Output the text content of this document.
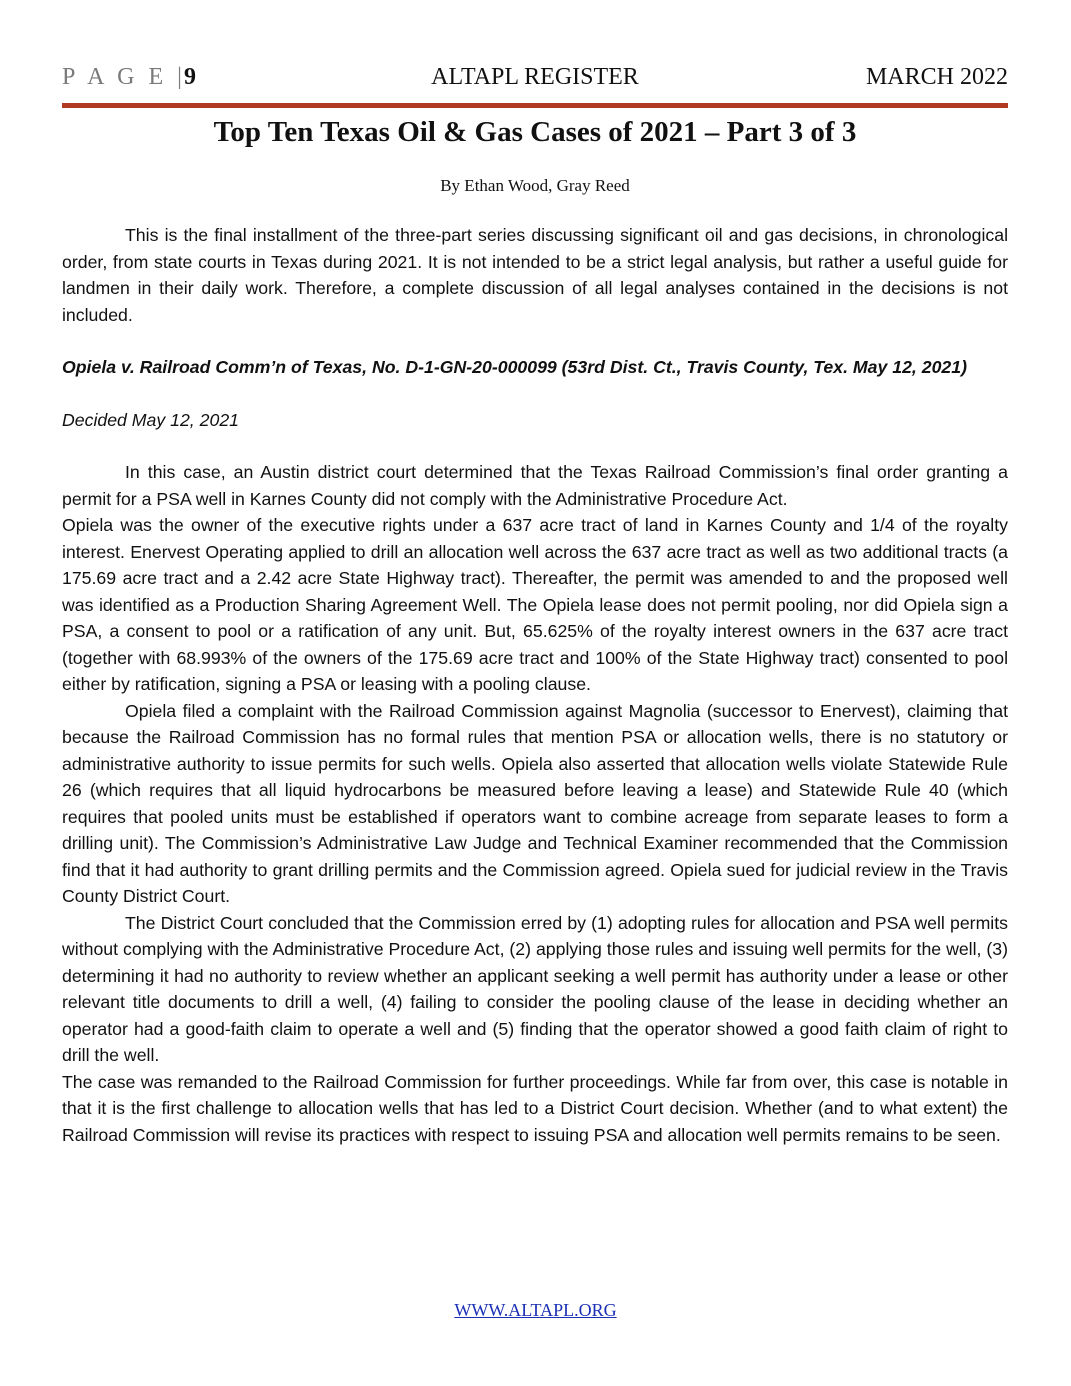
P A G E |9	ALTAPL REGISTER	MARCH 2022
Top Ten Texas Oil & Gas Cases of 2021 – Part 3 of 3
By Ethan Wood, Gray Reed

This is the final installment of the three-part series discussing significant oil and gas decisions, in chronological order, from state courts in Texas during 2021. It is not intended to be a strict legal analysis, but rather a useful guide for landmen in their daily work. Therefore, a complete discussion of all legal analyses contained in the decisions is not included.

Opiela v. Railroad Comm’n of Texas, No. D-1-GN-20-000099 (53rd Dist. Ct., Travis County, Tex. May 12, 2021)

Decided May 12, 2021

In this case, an Austin district court determined that the Texas Railroad Commission’s final order granting a permit for a PSA well in Karnes County did not comply with the Administrative Procedure Act.

Opiela was the owner of the executive rights under a 637 acre tract of land in Karnes County and 1/4 of the royalty interest. Enervest Operating applied to drill an allocation well across the 637 acre tract as well as two additional tracts (a 175.69 acre tract and a 2.42 acre State Highway tract). Thereafter, the permit was amended to and the proposed well was identified as a Production Sharing Agreement Well. The Opiela lease does not permit pooling, nor did Opiela sign a PSA, a consent to pool or a ratification of any unit. But, 65.625% of the royalty interest owners in the 637 acre tract (together with 68.993% of the owners of the 175.69 acre tract and 100% of the State Highway tract) consented to pool either by ratification, signing a PSA or leasing with a pooling clause.

Opiela filed a complaint with the Railroad Commission against Magnolia (successor to Enervest), claiming that because the Railroad Commission has no formal rules that mention PSA or allocation wells, there is no statutory or administrative authority to issue permits for such wells. Opiela also asserted that allocation wells violate Statewide Rule 26 (which requires that all liquid hydrocarbons be measured before leaving a lease) and Statewide Rule 40 (which requires that pooled units must be established if operators want to combine acreage from separate leases to form a drilling unit). The Commission’s Administrative Law Judge and Technical Examiner recommended that the Commission find that it had authority to grant drilling permits and the Commission agreed. Opiela sued for judicial review in the Travis County District Court.

The District Court concluded that the Commission erred by (1) adopting rules for allocation and PSA well permits without complying with the Administrative Procedure Act, (2) applying those rules and issuing well permits for the well, (3) determining it had no authority to review whether an applicant seeking a well permit has authority under a lease or other relevant title documents to drill a well, (4) failing to consider the pooling clause of the lease in deciding whether an operator had a good-faith claim to operate a well and (5) finding that the operator showed a good faith claim of right to drill the well.

The case was remanded to the Railroad Commission for further proceedings. While far from over, this case is notable in that it is the first challenge to allocation wells that has led to a District Court decision. Whether (and to what extent) the Railroad Commission will revise its practices with respect to issuing PSA and allocation well permits remains to be seen.

WWW.ALTAPL.ORG
